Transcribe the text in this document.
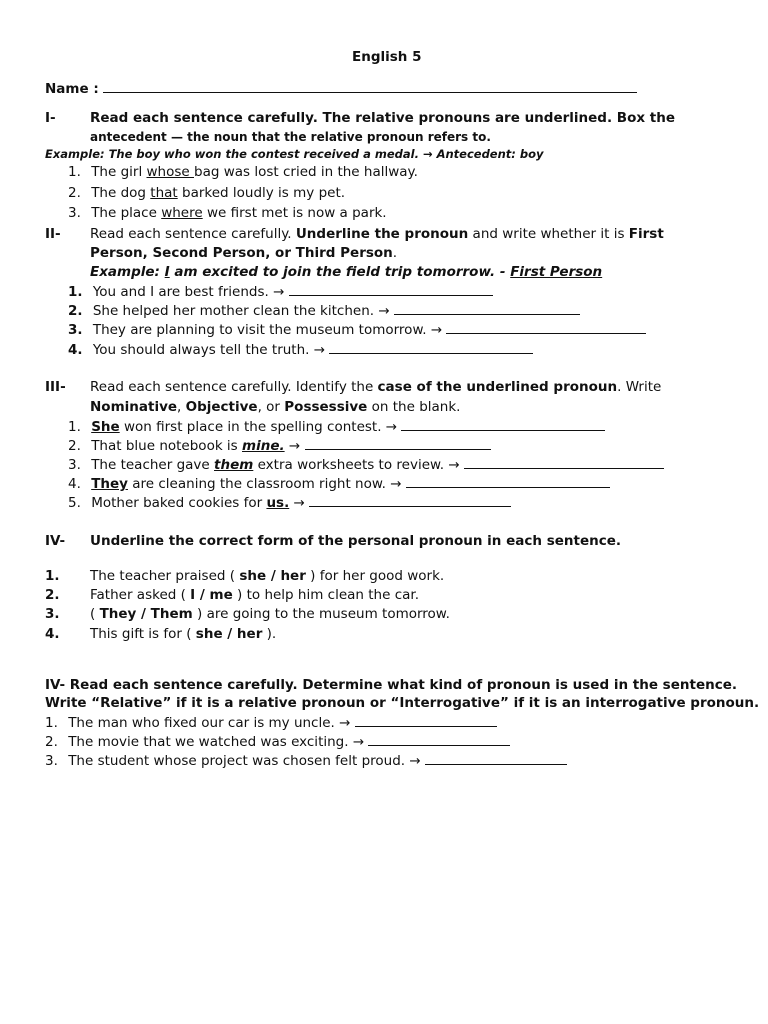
English 5
Name :
I-	Read each sentence carefully. The relative pronouns are underlined. Box the
antecedent — the noun that the relative pronoun refers to.
Example: The boy who won the contest received a medal. → Antecedent: boy
1. The girl whose bag was lost cried in the hallway.
2. The dog that barked loudly is my pet.
3. The place where we first met is now a park.
II- Read each sentence carefully. Underline the pronoun and write whether it is First
Person, Second Person, or Third Person.
Example: I am excited to join the field trip tomorrow. - First Person
1. You and I are best friends. →
2. She helped her mother clean the kitchen. →
3. They are planning to visit the museum tomorrow. →
4. You should always tell the truth. →
III- Read each sentence carefully. Identify the case of the underlined pronoun. Write
Nominative, Objective, or Possessive on the blank.
1. She won first place in the spelling contest. →
2. That blue notebook is mine. →
3. The teacher gave them extra worksheets to review. →
4. They are cleaning the classroom right now. →
5. Mother baked cookies for us. →
IV- Underline the correct form of the personal pronoun in each sentence.
1. The teacher praised ( she / her ) for her good work.
2. Father asked ( I / me ) to help him clean the car.
3. ( They / Them ) are going to the museum tomorrow.
4. This gift is for ( she / her ).
IV- Read each sentence carefully. Determine what kind of pronoun is used in the sentence.
Write “Relative” if it is a relative pronoun or “Interrogative” if it is an interrogative pronoun.
1. The man who fixed our car is my uncle. →
2. The movie that we watched was exciting. →
3. The student whose project was chosen felt proud. →
